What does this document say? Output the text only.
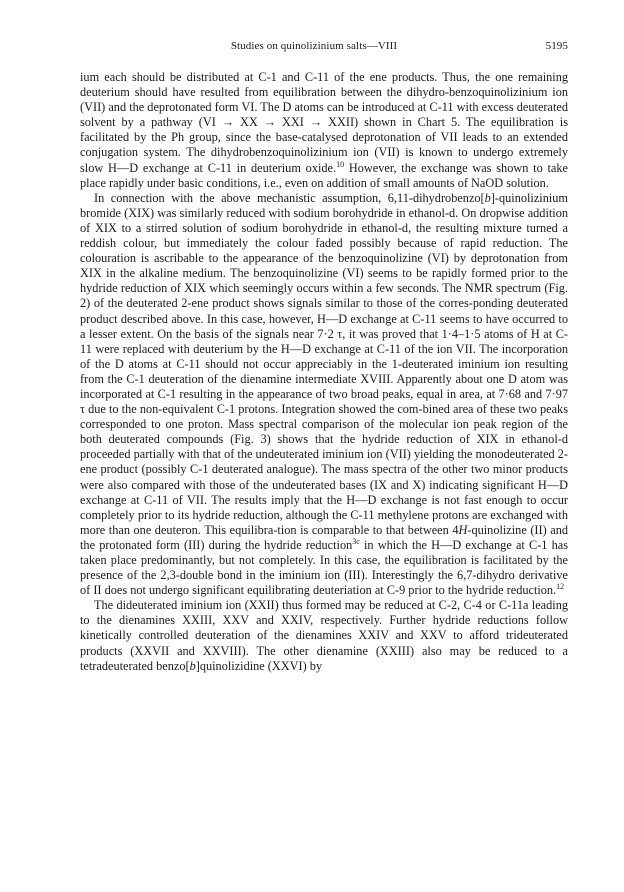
Studies on quinolizinium salts—VIII	5195

ium each should be distributed at C-1 and C-11 of the ene products. Thus, the one remaining deuterium should have resulted from equilibration between the dihydro-benzoquinolizinium ion (VII) and the deprotonated form VI. The D atoms can be introduced at C-11 with excess deuterated solvent by a pathway (VI → XX → XXI → XXII) shown in Chart 5. The equilibration is facilitated by the Ph group, since the base-catalysed deprotonation of VII leads to an extended conjugation system. The dihydrobenzoquinolizinium ion (VII) is known to undergo extremely slow H—D exchange at C-11 in deuterium oxide.$^{10}$ However, the exchange was shown to take place rapidly under basic conditions, i.e., even on addition of small amounts of NaOD solution.

In connection with the above mechanistic assumption, 6,11-dihydrobenzo[b]-quinolizinium bromide (XIX) was similarly reduced with sodium borohydride in ethanol-d. On dropwise addition of XIX to a stirred solution of sodium borohydride in ethanol-d, the resulting mixture turned a reddish colour, but immediately the colour faded possibly because of rapid reduction. The colouration is ascribable to the appearance of the benzoquinolizine (VI) by deprotonation from XIX in the alkaline medium. The benzoquinolizine (VI) seems to be rapidly formed prior to the hydride reduction of XIX which seemingly occurs within a few seconds. The NMR spectrum (Fig. 2) of the deuterated 2-ene product shows signals similar to those of the corres-ponding deuterated product described above. In this case, however, H—D exchange at C-11 seems to have occurred to a lesser extent. On the basis of the signals near 7·2 τ, it was proved that 1·4–1·5 atoms of H at C-11 were replaced with deuterium by the H—D exchange at C-11 of the ion VII. The incorporation of the D atoms at C-11 should not occur appreciably in the 1-deuterated iminium ion resulting from the C-1 deuteration of the dienamine intermediate XVIII. Apparently about one D atom was incorporated at C-1 resulting in the appearance of two broad peaks, equal in area, at 7·68 and 7·97 τ due to the non-equivalent C-1 protons. Integration showed the com-bined area of these two peaks corresponded to one proton. Mass spectral comparison of the molecular ion peak region of the both deuterated compounds (Fig. 3) shows that the hydride reduction of XIX in ethanol-d proceeded partially with that of the undeuterated iminium ion (VII) yielding the monodeuterated 2-ene product (possibly C-1 deuterated analogue). The mass spectra of the other two minor products were also compared with those of the undeuterated bases (IX and X) indicating significant H—D exchange at C-11 of VII. The results imply that the H—D exchange is not fast enough to occur completely prior to its hydride reduction, although the C-11 methylene protons are exchanged with more than one deuteron. This equilibra-tion is comparable to that between 4H-quinolizine (II) and the protonated form (III) during the hydride reduction$^{3c}$ in which the H—D exchange at C-1 has taken place predominantly, but not completely. In this case, the equilibration is facilitated by the presence of the 2,3-double bond in the iminium ion (III). Interestingly the 6,7-dihydro derivative of II does not undergo significant equilibrating deuteriation at C-9 prior to the hydride reduction.$^{12}$

The dideuterated iminium ion (XXII) thus formed may be reduced at C-2, C-4 or C-11a leading to the dienamines XXIII, XXV and XXIV, respectively. Further hydride reductions follow kinetically controlled deuteration of the dienamines XXIV and XXV to afford trideuterated products (XXVII and XXVIII). The other dienamine (XXIII) also may be reduced to a tetradeuterated benzo[b]quinolizidine (XXVI) by
